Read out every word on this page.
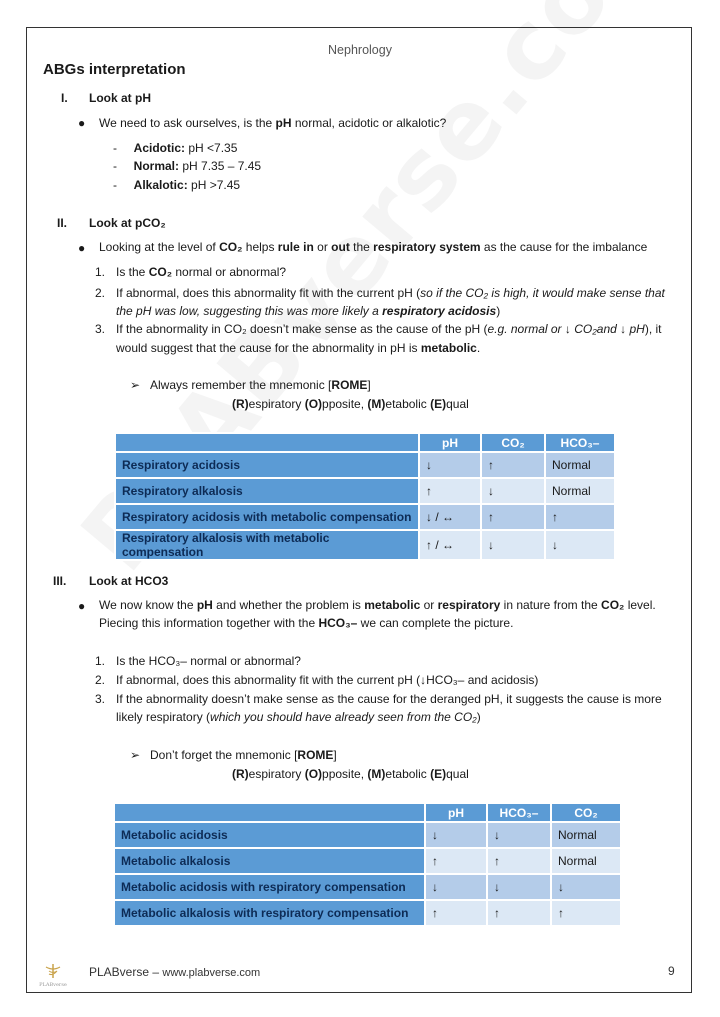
Nephrology
ABGs interpretation
I. Look at pH
● We need to ask ourselves, is the pH normal, acidotic or alkalotic?
-     Acidotic: pH <7.35
-     Normal: pH 7.35 – 7.45
-     Alkalotic: pH >7.45
II. Look at pCO₂
● Looking at the level of CO₂ helps rule in or out the respiratory system as the cause for the imbalance
1. Is the CO₂ normal or abnormal?
2. If abnormal, does this abnormality fit with the current pH (so if the CO₂ is high, it would make sense that
the pH was low, suggesting this was more likely a respiratory acidosis)
3. If the abnormality in CO₂ doesn’t make sense as the cause of the pH (e.g. normal or ↓ CO₂and ↓ pH), it
would suggest that the cause for the abnormality in pH is metabolic.
➢ Always remember the mnemonic [ROME]
(R)espiratory (O)pposite, (M)etabolic (E)qual
	pH	CO₂	HCO₃–
Respiratory acidosis	↓	↑	Normal
Respiratory alkalosis	↑	↓	Normal
Respiratory acidosis with metabolic compensation	↓ / ↔	↑	↑
Respiratory alkalosis with metabolic compensation	↑ / ↔	↓	↓
III. Look at HCO3
● We now know the pH and whether the problem is metabolic or respiratory in nature from the CO₂ level.
Piecing this information together with the HCO₃– we can complete the picture.
1. Is the HCO₃– normal or abnormal?
2. If abnormal, does this abnormality fit with the current pH (↓HCO₃– and acidosis)
3. If the abnormality doesn’t make sense as the cause for the deranged pH, it suggests the cause is more
likely respiratory (which you should have already seen from the CO₂)
➢ Don’t forget the mnemonic [ROME]
(R)espiratory (O)pposite, (M)etabolic (E)qual
	pH	HCO₃–	CO₂
Metabolic acidosis	↓	↓	Normal
Metabolic alkalosis	↑	↑	Normal
Metabolic acidosis with respiratory compensation	↓	↓	↓
Metabolic alkalosis with respiratory compensation	↑	↑	↑
PLABverse
PLABverse – www.plabverse.com	9
